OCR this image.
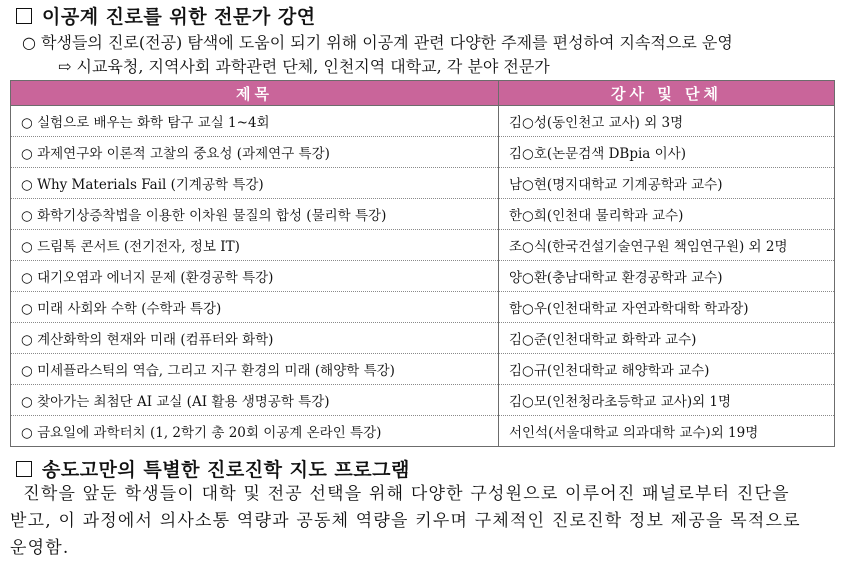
이공계 진로를 위한 전문가 강연
○ 학생들의 진로(전공) 탐색에 도움이 되기 위해 이공계 관련 다양한 주제를 편성하여 지속적으로 운영
⇨ 시교육청, 지역사회 과학관련 단체, 인천지역 대학교, 각 분야 전문가
제목	강사 및 단체
○ 실험으로 배우는 화학 탐구 교실 1~4회	김○성(동인천고 교사) 외 3명
○ 과제연구와 이론적 고찰의 중요성 (과제연구 특강)	김○호(논문검색 DBpia 이사)
○ Why Materials Fail (기계공학 특강)	남○현(명지대학교 기계공학과 교수)
○ 화학기상증착법을 이용한 이차원 물질의 합성 (물리학 특강)	한○희(인천대 물리학과 교수)
○ 드림톡 콘서트 (전기전자, 정보 IT)	조○식(한국건설기술연구원 책임연구원) 외 2명
○ 대기오염과 에너지 문제 (환경공학 특강)	양○환(충남대학교 환경공학과 교수)
○ 미래 사회와 수학 (수학과 특강)	함○우(인천대학교 자연과학대학 학과장)
○ 계산화학의 현재와 미래 (컴퓨터와 화학)	김○준(인천대학교 화학과 교수)
○ 미세플라스틱의 역습, 그리고 지구 환경의 미래 (해양학 특강)	김○규(인천대학교 해양학과 교수)
○ 찾아가는 최첨단 AI 교실 (AI 활용 생명공학 특강)	김○모(인천청라초등학교 교사)외 1명
○ 금요일에 과학터치 (1, 2학기 총 20회 이공계 온라인 특강)	서인석(서울대학교 의과대학 교수)외 19명
송도고만의 특별한 진로진학 지도 프로그램
진학을 앞둔 학생들이 대학 및 전공 선택을 위해 다양한 구성원으로 이루어진 패널로부터 진단을 받고, 이 과정에서 의사소통 역량과 공동체 역량을 키우며 구체적인 진로진학 정보 제공을 목적으로 운영함.
